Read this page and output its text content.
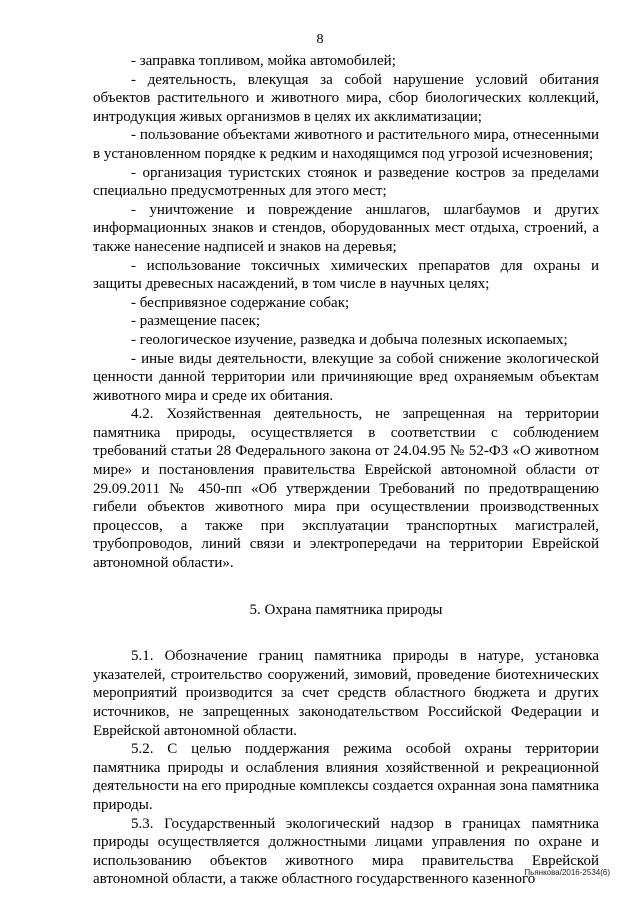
8

- заправка топливом, мойка автомобилей;

- деятельность, влекущая за собой нарушение условий обитания объектов растительного и животного мира, сбор биологических коллекций, интродукция живых организмов в целях их акклиматизации;

- пользование объектами животного и растительного мира, отнесенными в установленном порядке к редким и находящимся под угрозой исчезновения;

- организация туристских стоянок и разведение костров за пределами специально предусмотренных для этого мест;

- уничтожение и повреждение аншлагов, шлагбаумов и других информационных знаков и стендов, оборудованных мест отдыха, строений, а также нанесение надписей и знаков на деревья;

- использование токсичных химических препаратов для охраны и защиты древесных насаждений, в том числе в научных целях;

- беспривязное содержание собак;

- размещение пасек;

- геологическое изучение, разведка и добыча полезных ископаемых;

- иные виды деятельности, влекущие за собой снижение экологической ценности данной территории или причиняющие вред охраняемым объектам животного мира и среде их обитания.

4.2. Хозяйственная деятельность, не запрещенная на территории памятника природы, осуществляется в соответствии с соблюдением требований статьи 28 Федерального закона от 24.04.95 № 52-ФЗ «О животном мире» и постановления правительства Еврейской автономной области от 29.09.2011 № 450-пп «Об утверждении Требований по предотвращению гибели объектов животного мира при осуществлении производственных процессов, а также при эксплуатации транспортных магистралей, трубопроводов, линий связи и электропередачи на территории Еврейской автономной области».

5. Охрана памятника природы

5.1. Обозначение границ памятника природы в натуре, установка указателей, строительство сооружений, зимовий, проведение биотехнических мероприятий производится за счет средств областного бюджета и других источников, не запрещенных законодательством Российской Федерации и Еврейской автономной области.

5.2. С целью поддержания режима особой охраны территории памятника природы и ослабления влияния хозяйственной и рекреационной деятельности на его природные комплексы создается охранная зона памятника природы.

5.3. Государственный экологический надзор в границах памятника природы осуществляется должностными лицами управления по охране и использованию объектов животного мира правительства Еврейской автономной области, а также областного государственного казенного

Пьянкова/2016-2534(6)
